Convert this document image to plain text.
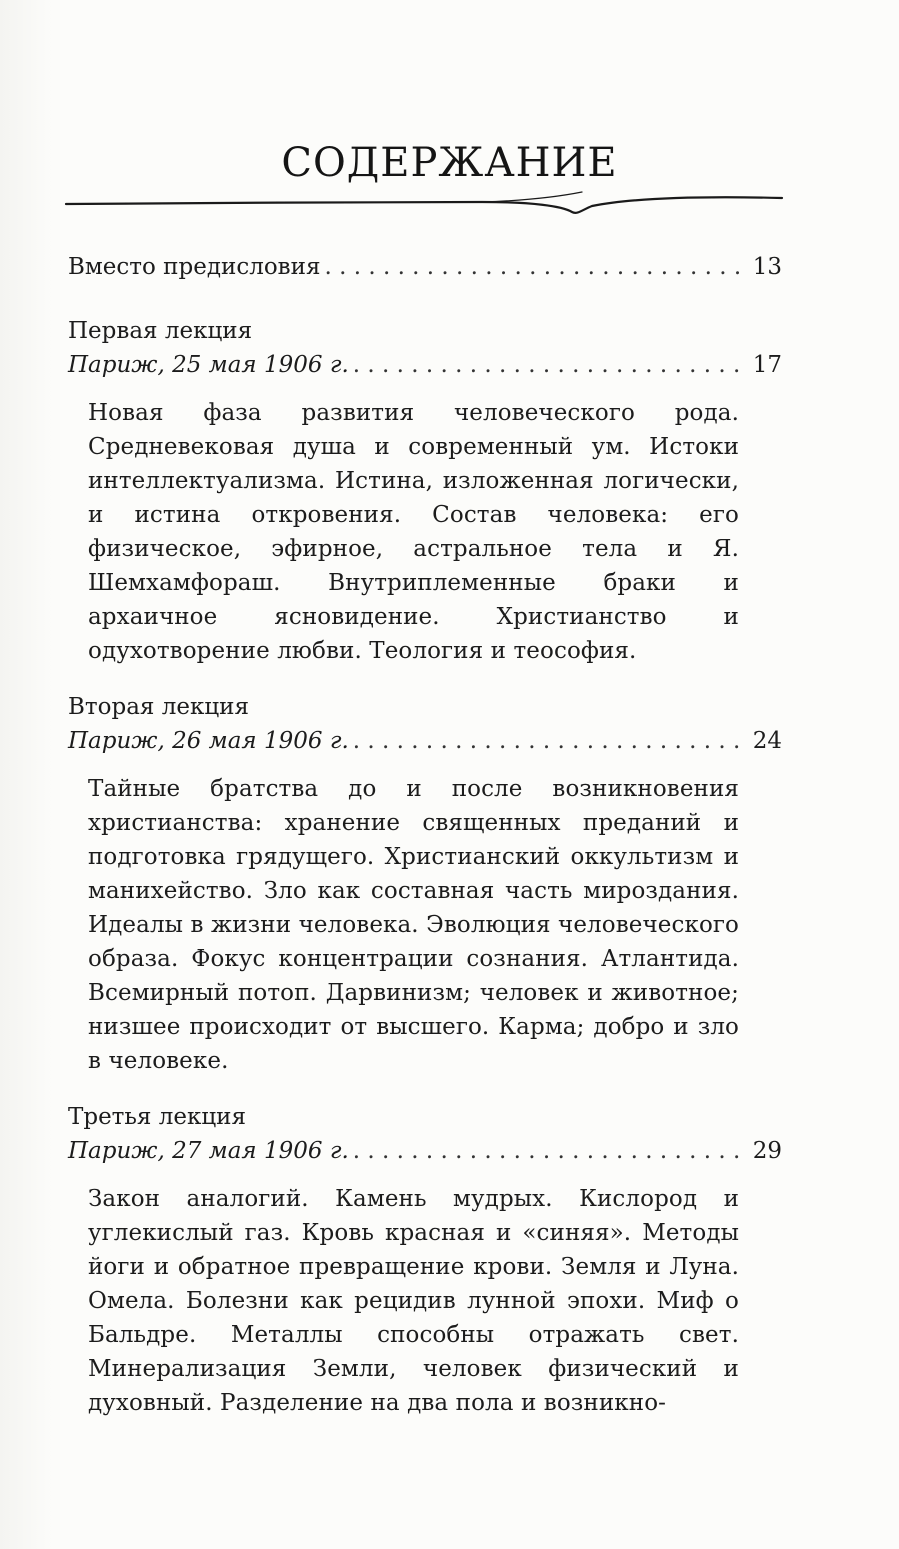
СОДЕРЖАНИЕ
Вместо предисловия . . .	13
Первая лекция
Париж, 25 мая 1906 г. . . .	17
Новая фаза развития человеческого рода. Средневековая душа и современный ум. Истоки интеллектуализма. Истина, изложенная логически, и истина откровения. Состав человека: его физическое, эфирное, астральное тела и Я. Шемхамфораш. Внутриплеменные браки и архаичное ясновидение. Христианство и одухотворение любви. Теология и теософия.
Вторая лекция
Париж, 26 мая 1906 г. . . .	24
Тайные братства до и после возникновения христианства: хранение священных преданий и подготовка грядущего. Христианский оккультизм и манихейство. Зло как составная часть мироздания. Идеалы в жизни человека. Эволюция человеческого образа. Фокус концентрации сознания. Атлантида. Всемирный потоп. Дарвинизм; человек и животное; низшее происходит от высшего. Карма; добро и зло в человеке.
Третья лекция
Париж, 27 мая 1906 г. . . .	29
Закон аналогий. Камень мудрых. Кислород и углекислый газ. Кровь красная и «синяя». Методы йоги и обратное превращение крови. Земля и Луна. Омела. Болезни как рецидив лунной эпохи. Миф о Бальдре. Металлы способны отражать свет. Минерализация Земли, человек физический и духовный. Разделение на два пола и возникно-
